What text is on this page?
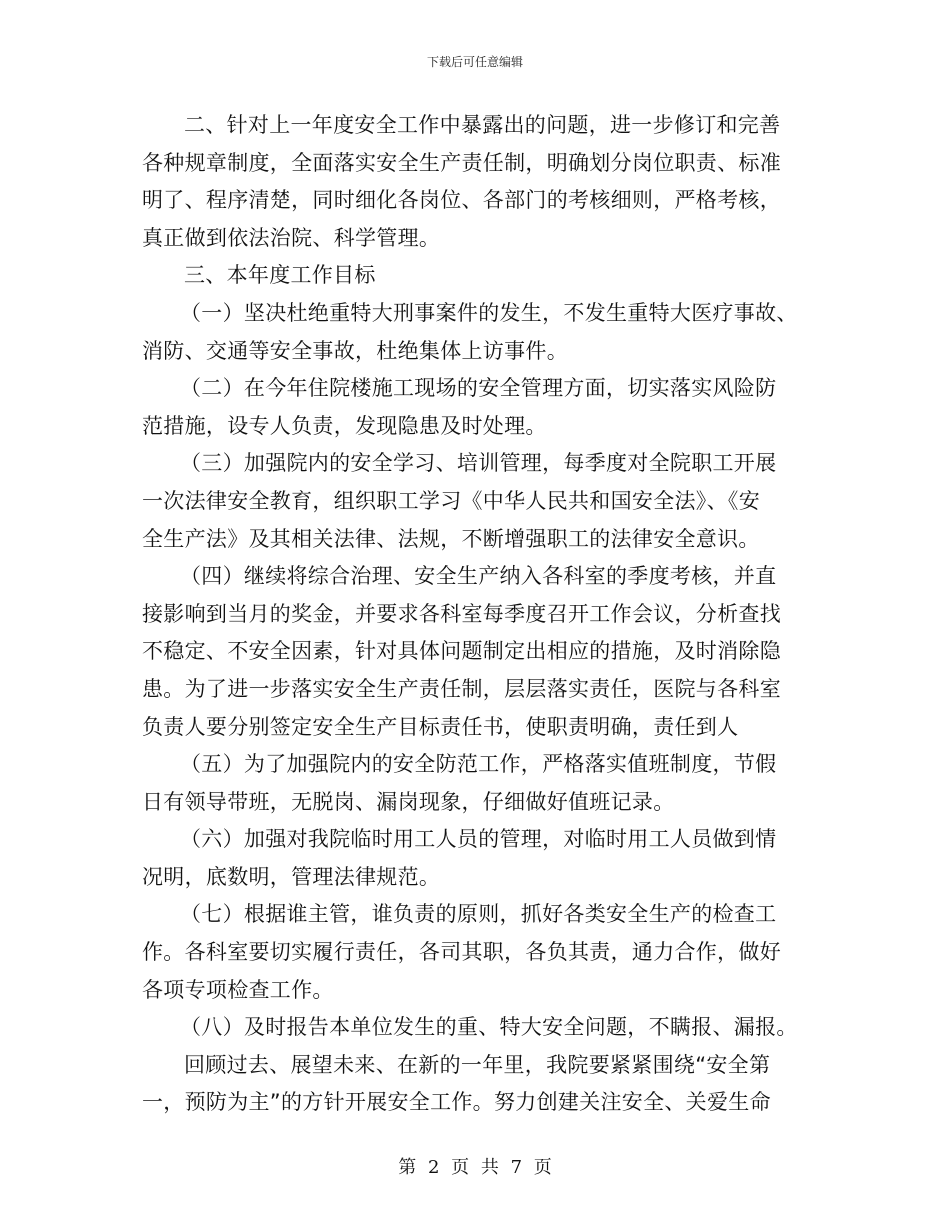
下载后可任意编辑
二、针对上一年度安全工作中暴露出的问题，进一步修订和完善
各种规章制度，全面落实安全生产责任制，明确划分岗位职责、标准
明了、程序清楚，同时细化各岗位、各部门的考核细则，严格考核，
真正做到依法治院、科学管理。
三、本年度工作目标
（一）坚决杜绝重特大刑事案件的发生，不发生重特大医疗事故、
消防、交通等安全事故，杜绝集体上访事件。
（二）在今年住院楼施工现场的安全管理方面，切实落实风险防
范措施，设专人负责，发现隐患及时处理。
（三）加强院内的安全学习、培训管理，每季度对全院职工开展
一次法律安全教育，组织职工学习《中华人民共和国安全法》、《安
全生产法》及其相关法律、法规，不断增强职工的法律安全意识。
（四）继续将综合治理、安全生产纳入各科室的季度考核，并直
接影响到当月的奖金，并要求各科室每季度召开工作会议，分析查找
不稳定、不安全因素，针对具体问题制定出相应的措施，及时消除隐
患。为了进一步落实安全生产责任制，层层落实责任，医院与各科室
负责人要分别签定安全生产目标责任书，使职责明确，责任到人
（五）为了加强院内的安全防范工作，严格落实值班制度，节假
日有领导带班，无脱岗、漏岗现象，仔细做好值班记录。
（六）加强对我院临时用工人员的管理，对临时用工人员做到情
况明，底数明，管理法律规范。
（七）根据谁主管，谁负责的原则，抓好各类安全生产的检查工
作。各科室要切实履行责任，各司其职，各负其责，通力合作，做好
各项专项检查工作。
（八）及时报告本单位发生的重、特大安全问题，不瞒报、漏报。
回顾过去、展望未来、在新的一年里，我院要紧紧围绕“安全第
一，预防为主”的方针开展安全工作。努力创建关注安全、关爱生命
第 2 页 共 7 页
